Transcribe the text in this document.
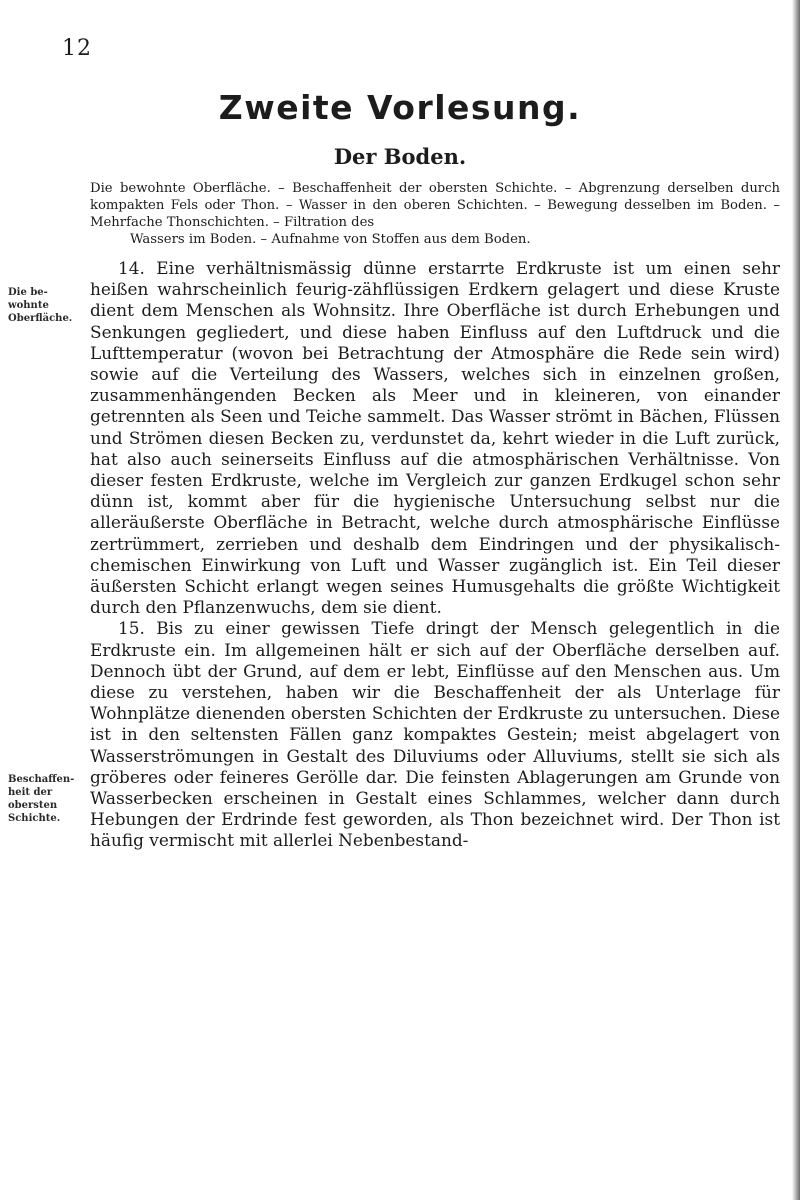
12
Zweite Vorlesung.
Der Boden.
Die bewohnte Oberfläche. – Beschaffenheit der obersten Schichte. – Abgrenzung derselben durch kompakten Fels oder Thon. – Wasser in den oberen Schichten. – Bewegung desselben im Boden. – Mehrfache Thonschichten. – Filtration des
Wassers im Boden. – Aufnahme von Stoffen aus dem Boden.
Die be-wohnte Oberfläche.
Beschaffen-heit der obersten Schichte.

14. Eine verhältnismässig dünne erstarrte Erdkruste ist um einen sehr heißen wahrscheinlich feurig-zähflüssigen Erdkern gelagert und diese Kruste dient dem Menschen als Wohnsitz. Ihre Oberfläche ist durch Erhebungen und Senkungen gegliedert, und diese haben Einfluss auf den Luftdruck und die Lufttemperatur (wovon bei Betrachtung der Atmosphäre die Rede sein wird) sowie auf die Verteilung des Wassers, welches sich in einzelnen großen, zusammenhängenden Becken als Meer und in kleineren, von einander getrennten als Seen und Teiche sammelt. Das Wasser strömt in Bächen, Flüssen und Strömen diesen Becken zu, verdunstet da, kehrt wieder in die Luft zurück, hat also auch seinerseits Einfluss auf die atmosphärischen Verhältnisse. Von dieser festen Erdkruste, welche im Vergleich zur ganzen Erdkugel schon sehr dünn ist, kommt aber für die hygienische Untersuchung selbst nur die alleräußerste Oberfläche in Betracht, welche durch atmosphärische Einflüsse zertrümmert, zerrieben und deshalb dem Eindringen und der physikalisch-chemischen Einwirkung von Luft und Wasser zugänglich ist. Ein Teil dieser äußersten Schicht erlangt wegen seines Humusgehalts die größte Wichtigkeit durch den Pflanzenwuchs, dem sie dient.

15. Bis zu einer gewissen Tiefe dringt der Mensch gelegentlich in die Erdkruste ein. Im allgemeinen hält er sich auf der Oberfläche derselben auf. Dennoch übt der Grund, auf dem er lebt, Einflüsse auf den Menschen aus. Um diese zu verstehen, haben wir die Beschaffenheit der als Unterlage für Wohnplätze dienenden obersten Schichten der Erdkruste zu untersuchen. Diese ist in den seltensten Fällen ganz kompaktes Gestein; meist abgelagert von Wasserströmungen in Gestalt des Diluviums oder Alluviums, stellt sie sich als gröberes oder feineres Gerölle dar. Die feinsten Ablagerungen am Grunde von Wasserbecken erscheinen in Gestalt eines Schlammes, welcher dann durch Hebungen der Erdrinde fest geworden, als Thon bezeichnet wird. Der Thon ist häufig vermischt mit allerlei Nebenbestand-
